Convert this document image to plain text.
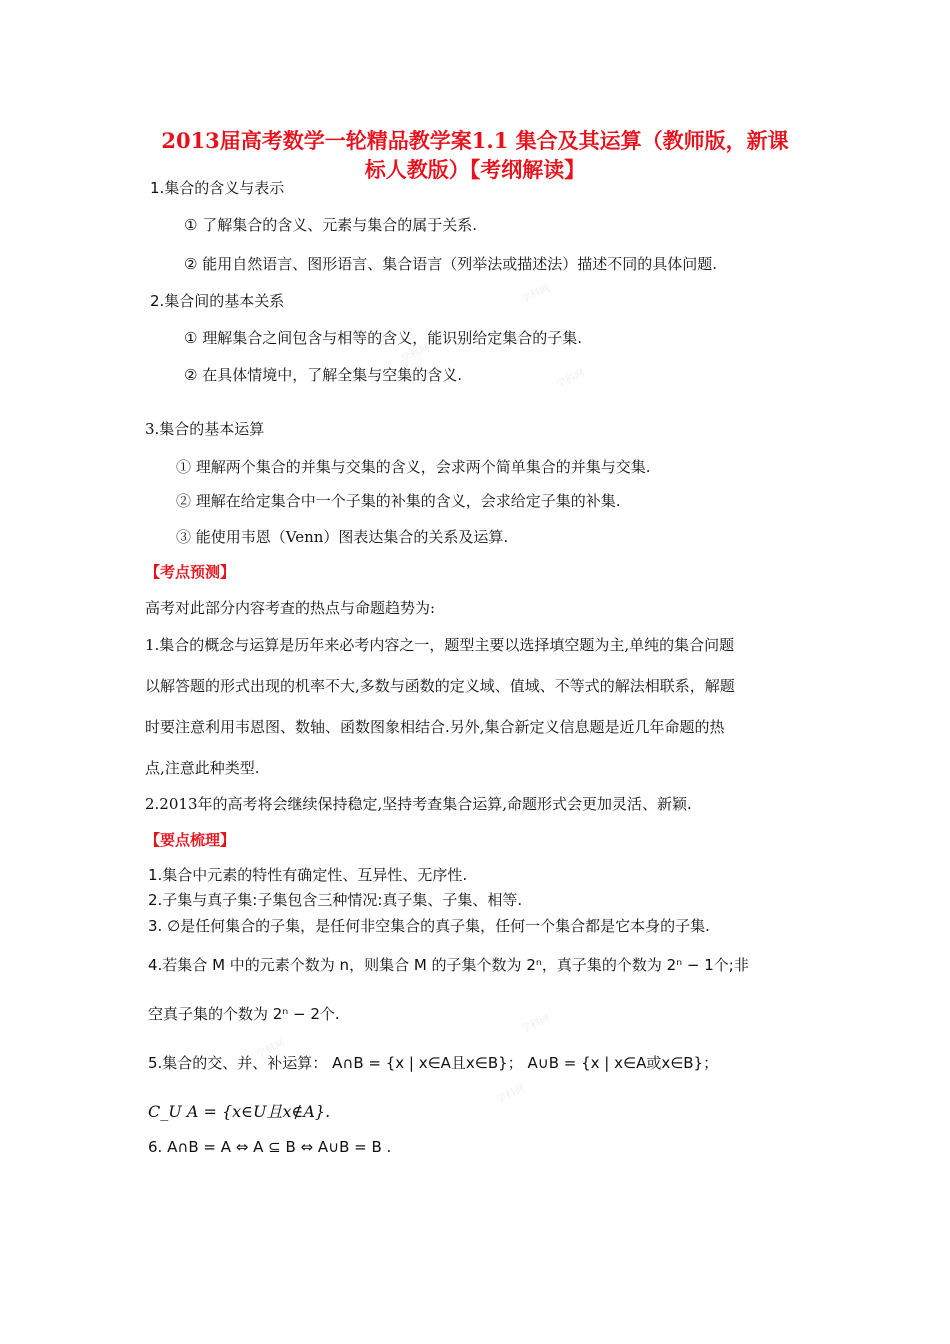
2013届高考数学一轮精品教学案1.1 集合及其运算（教师版，新课
标人教版）【考纲解读】
1.集合的含义与表示
① 了解集合的含义、元素与集合的属于关系.
② 能用自然语言、图形语言、集合语言（列举法或描述法）描述不同的具体问题.
2.集合间的基本关系
① 理解集合之间包含与相等的含义，能识别给定集合的子集.
② 在具体情境中，了解全集与空集的含义.
3.集合的基本运算
① 理解两个集合的并集与交集的含义，会求两个简单集合的并集与交集.
② 理解在给定集合中一个子集的补集的含义，会求给定子集的补集.
③ 能使用韦恩（Venn）图表达集合的关系及运算.
【考点预测】
高考对此部分内容考查的热点与命题趋势为:
1.集合的概念与运算是历年来必考内容之一，题型主要以选择填空题为主,单纯的集合问题
以解答题的形式出现的机率不大,多数与函数的定义域、值域、不等式的解法相联系，解题
时要注意利用韦恩图、数轴、函数图象相结合.另外,集合新定义信息题是近几年命题的热
点,注意此种类型.
2.2013年的高考将会继续保持稳定,坚持考查集合运算,命题形式会更加灵活、新颖.
【要点梳理】
1.集合中元素的特性有确定性、互异性、无序性.
2.子集与真子集:子集包含三种情况:真子集、子集、相等.
3. ∅是任何集合的子集，是任何非空集合的真子集，任何一个集合都是它本身的子集.
4.若集合 M 中的元素个数为 n，则集合 M 的子集个数为 2ⁿ，真子集的个数为 2ⁿ − 1个;非
空真子集的个数为 2ⁿ − 2个.
5.集合的交、并、补运算： A∩B = {x | x∈A且x∈B}； A∪B = {x | x∈A或x∈B}；
C_U A = {x∈U且x∉A}.
6. A∩B = A ⇔ A ⊆ B ⇔ A∪B = B .
学科网
学科网
学科网
学科网
学科网
学科网
